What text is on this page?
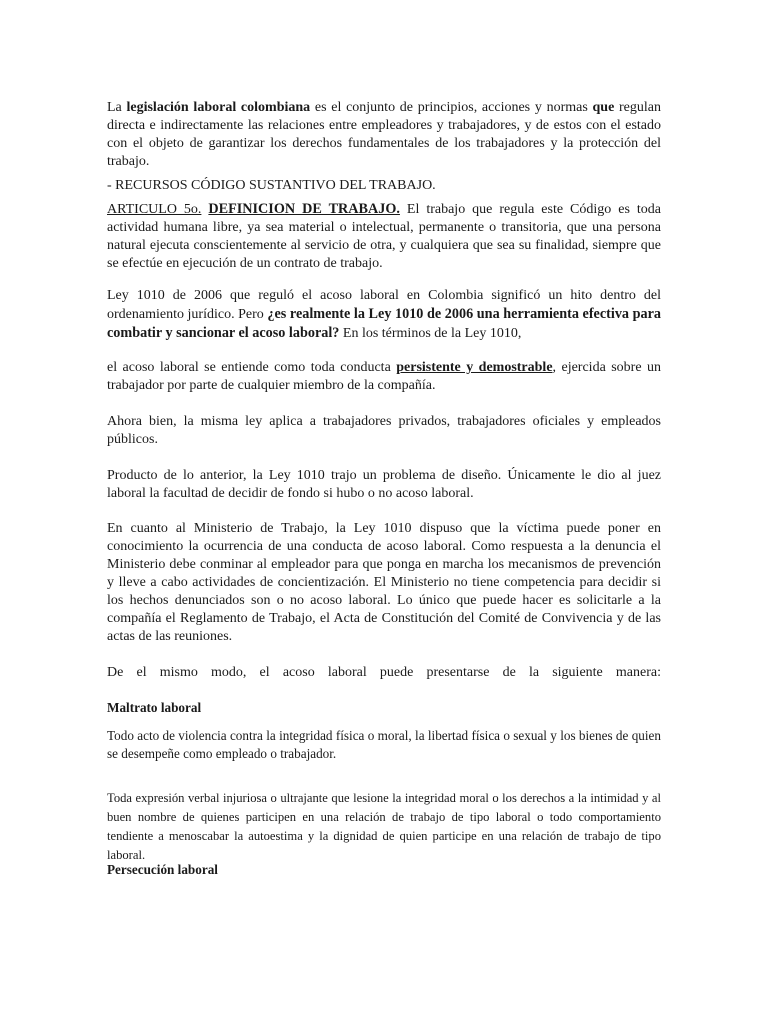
La legislación laboral colombiana es el conjunto de principios, acciones y normas que regulan directa e indirectamente las relaciones entre empleadores y trabajadores, y de estos con el estado con el objeto de garantizar los derechos fundamentales de los trabajadores y la protección del trabajo.

- RECURSOS CÓDIGO SUSTANTIVO DEL TRABAJO.

ARTICULO 5o. DEFINICION DE TRABAJO. El trabajo que regula este Código es toda actividad humana libre, ya sea material o intelectual, permanente o transitoria, que una persona natural ejecuta conscientemente al servicio de otra, y cualquiera que sea su finalidad, siempre que se efectúe en ejecución de un contrato de trabajo.

Ley 1010 de 2006 que reguló el acoso laboral en Colombia significó un hito dentro del ordenamiento jurídico. Pero ¿es realmente la Ley 1010 de 2006 una herramienta efectiva para combatir y sancionar el acoso laboral? En los términos de la Ley 1010,

el acoso laboral se entiende como toda conducta persistente y demostrable, ejercida sobre un trabajador por parte de cualquier miembro de la compañía.

Ahora bien, la misma ley aplica a trabajadores privados, trabajadores oficiales y empleados públicos.

Producto de lo anterior, la Ley 1010 trajo un problema de diseño. Únicamente le dio al juez laboral la facultad de decidir de fondo si hubo o no acoso laboral.

En cuanto al Ministerio de Trabajo, la Ley 1010 dispuso que la víctima puede poner en conocimiento la ocurrencia de una conducta de acoso laboral. Como respuesta a la denuncia el Ministerio debe conminar al empleador para que ponga en marcha los mecanismos de prevención y lleve a cabo actividades de concientización. El Ministerio no tiene competencia para decidir si los hechos denunciados son o no acoso laboral. Lo único que puede hacer es solicitarle a la compañía el Reglamento de Trabajo, el Acta de Constitución del Comité de Convivencia y de las actas de las reuniones.

De el mismo modo, el acoso laboral puede presentarse de la siguiente manera:

Maltrato laboral

Todo acto de violencia contra la integridad física o moral, la libertad física o sexual y los bienes de quien se desempeñe como empleado o trabajador.

Toda expresión verbal injuriosa o ultrajante que lesione la integridad moral o los derechos a la intimidad y al buen nombre de quienes participen en una relación de trabajo de tipo laboral o todo comportamiento tendiente a menoscabar la autoestima y la dignidad de quien participe en una relación de trabajo de tipo laboral.

Persecución laboral
